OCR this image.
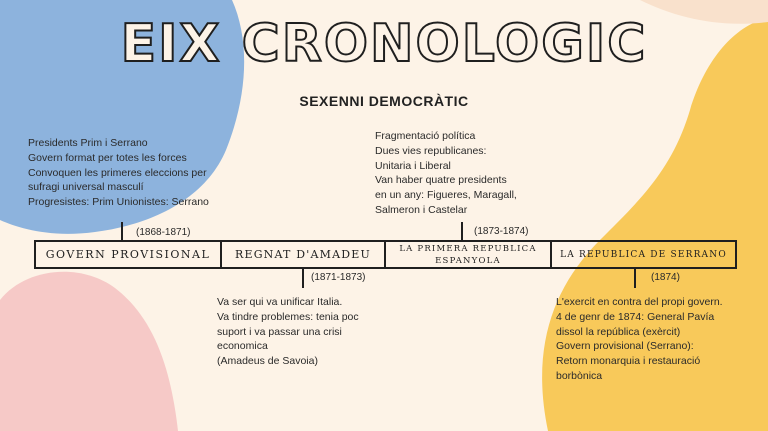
EIX CRONOLOGIC
SEXENNI DEMOCRÀTIC
Presidents Prim i Serrano
Govern format per totes les forces
Convoquen les primeres eleccions per
sufragi universal masculí
Progresistes: Prim Unionistes: Serrano
Fragmentació política
Dues vies republicanes:
Unitaria i Liberal
Van haber quatre presidents
en un any: Figueres, Maragall,
Salmeron i Castelar
(1868-1871)	(1873-1874)
(1871-1873)	(1874)
GOVERN PROVISIONAL REGNAT D'AMADEU	LA PRIMERA REPUBLICA ESPANYOLA
LA REPUBLICA DE SERRANO
Va ser qui va unificar Italia.
Va tindre problemes: tenia poc
suport i va passar una crisi
economica
(Amadeus de Savoia)
L'exercit en contra del propi govern.
4 de genr de 1874: General Pavía
dissol la república (exèrcit)
Govern provisional (Serrano):
Retorn monarquia i restauració
borbònica
